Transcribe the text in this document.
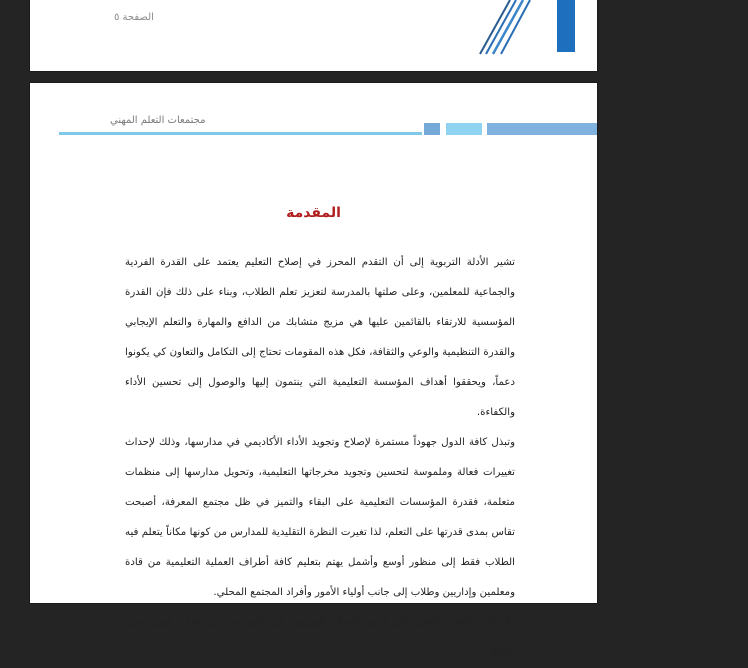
الصفحة ٥
مجتمعات التعلم المهني
المقدمة

تشير الأدلة التربوية إلى أن التقدم المحرز في إصلاح التعليم يعتمد على القدرة الفردية والجماعية للمعلمين، وعلى صلتها بالمدرسة لتعزيز تعلم الطلاب، وبناء على ذلك فإن القدرة المؤسسية للارتقاء بالقائمين عليها هي مزيج متشابك من الدافع والمهارة والتعلم الإيجابي والقدرة التنظيمية والوعي والثقافة، فكل هذه المقومات تحتاج إلى التكامل والتعاون كي يكونوا دعماً، ويحققوا أهداف المؤسسة التعليمية التي ينتمون إليها والوصول إلى تحسين الأداء والكفاءة.

وتبذل كافة الدول جهوداً مستمرة لإصلاح وتجويد الأداء الأكاديمي في مدارسها، وذلك لإحداث تغييرات فعالة وملموسة لتحسين وتجويد مخرجاتها التعليمية، وتحويل مدارسها إلى منظمات متعلمة، فقدرة المؤسسات التعليمية على البقاء والتميز في ظل مجتمع المعرفة، أصبحت تقاس بمدى قدرتها على التعلم، لذا تغيرت النظرة التقليدية للمدارس من كونها مكاناً يتعلم فيه الطلاب فقط إلى منظور أوسع وأشمل يهتم بتعليم كافة أطراف العملية التعليمية من قادة ومعلمين وإداريين وطلاب إلى جانب أولياء الأمور وأفراد المجتمع المحلي.

وقد أثبت الاتجاه القائم على فرض الإصلاح التعليمي على المدرسة من الخارج فشله وفي النتائج
